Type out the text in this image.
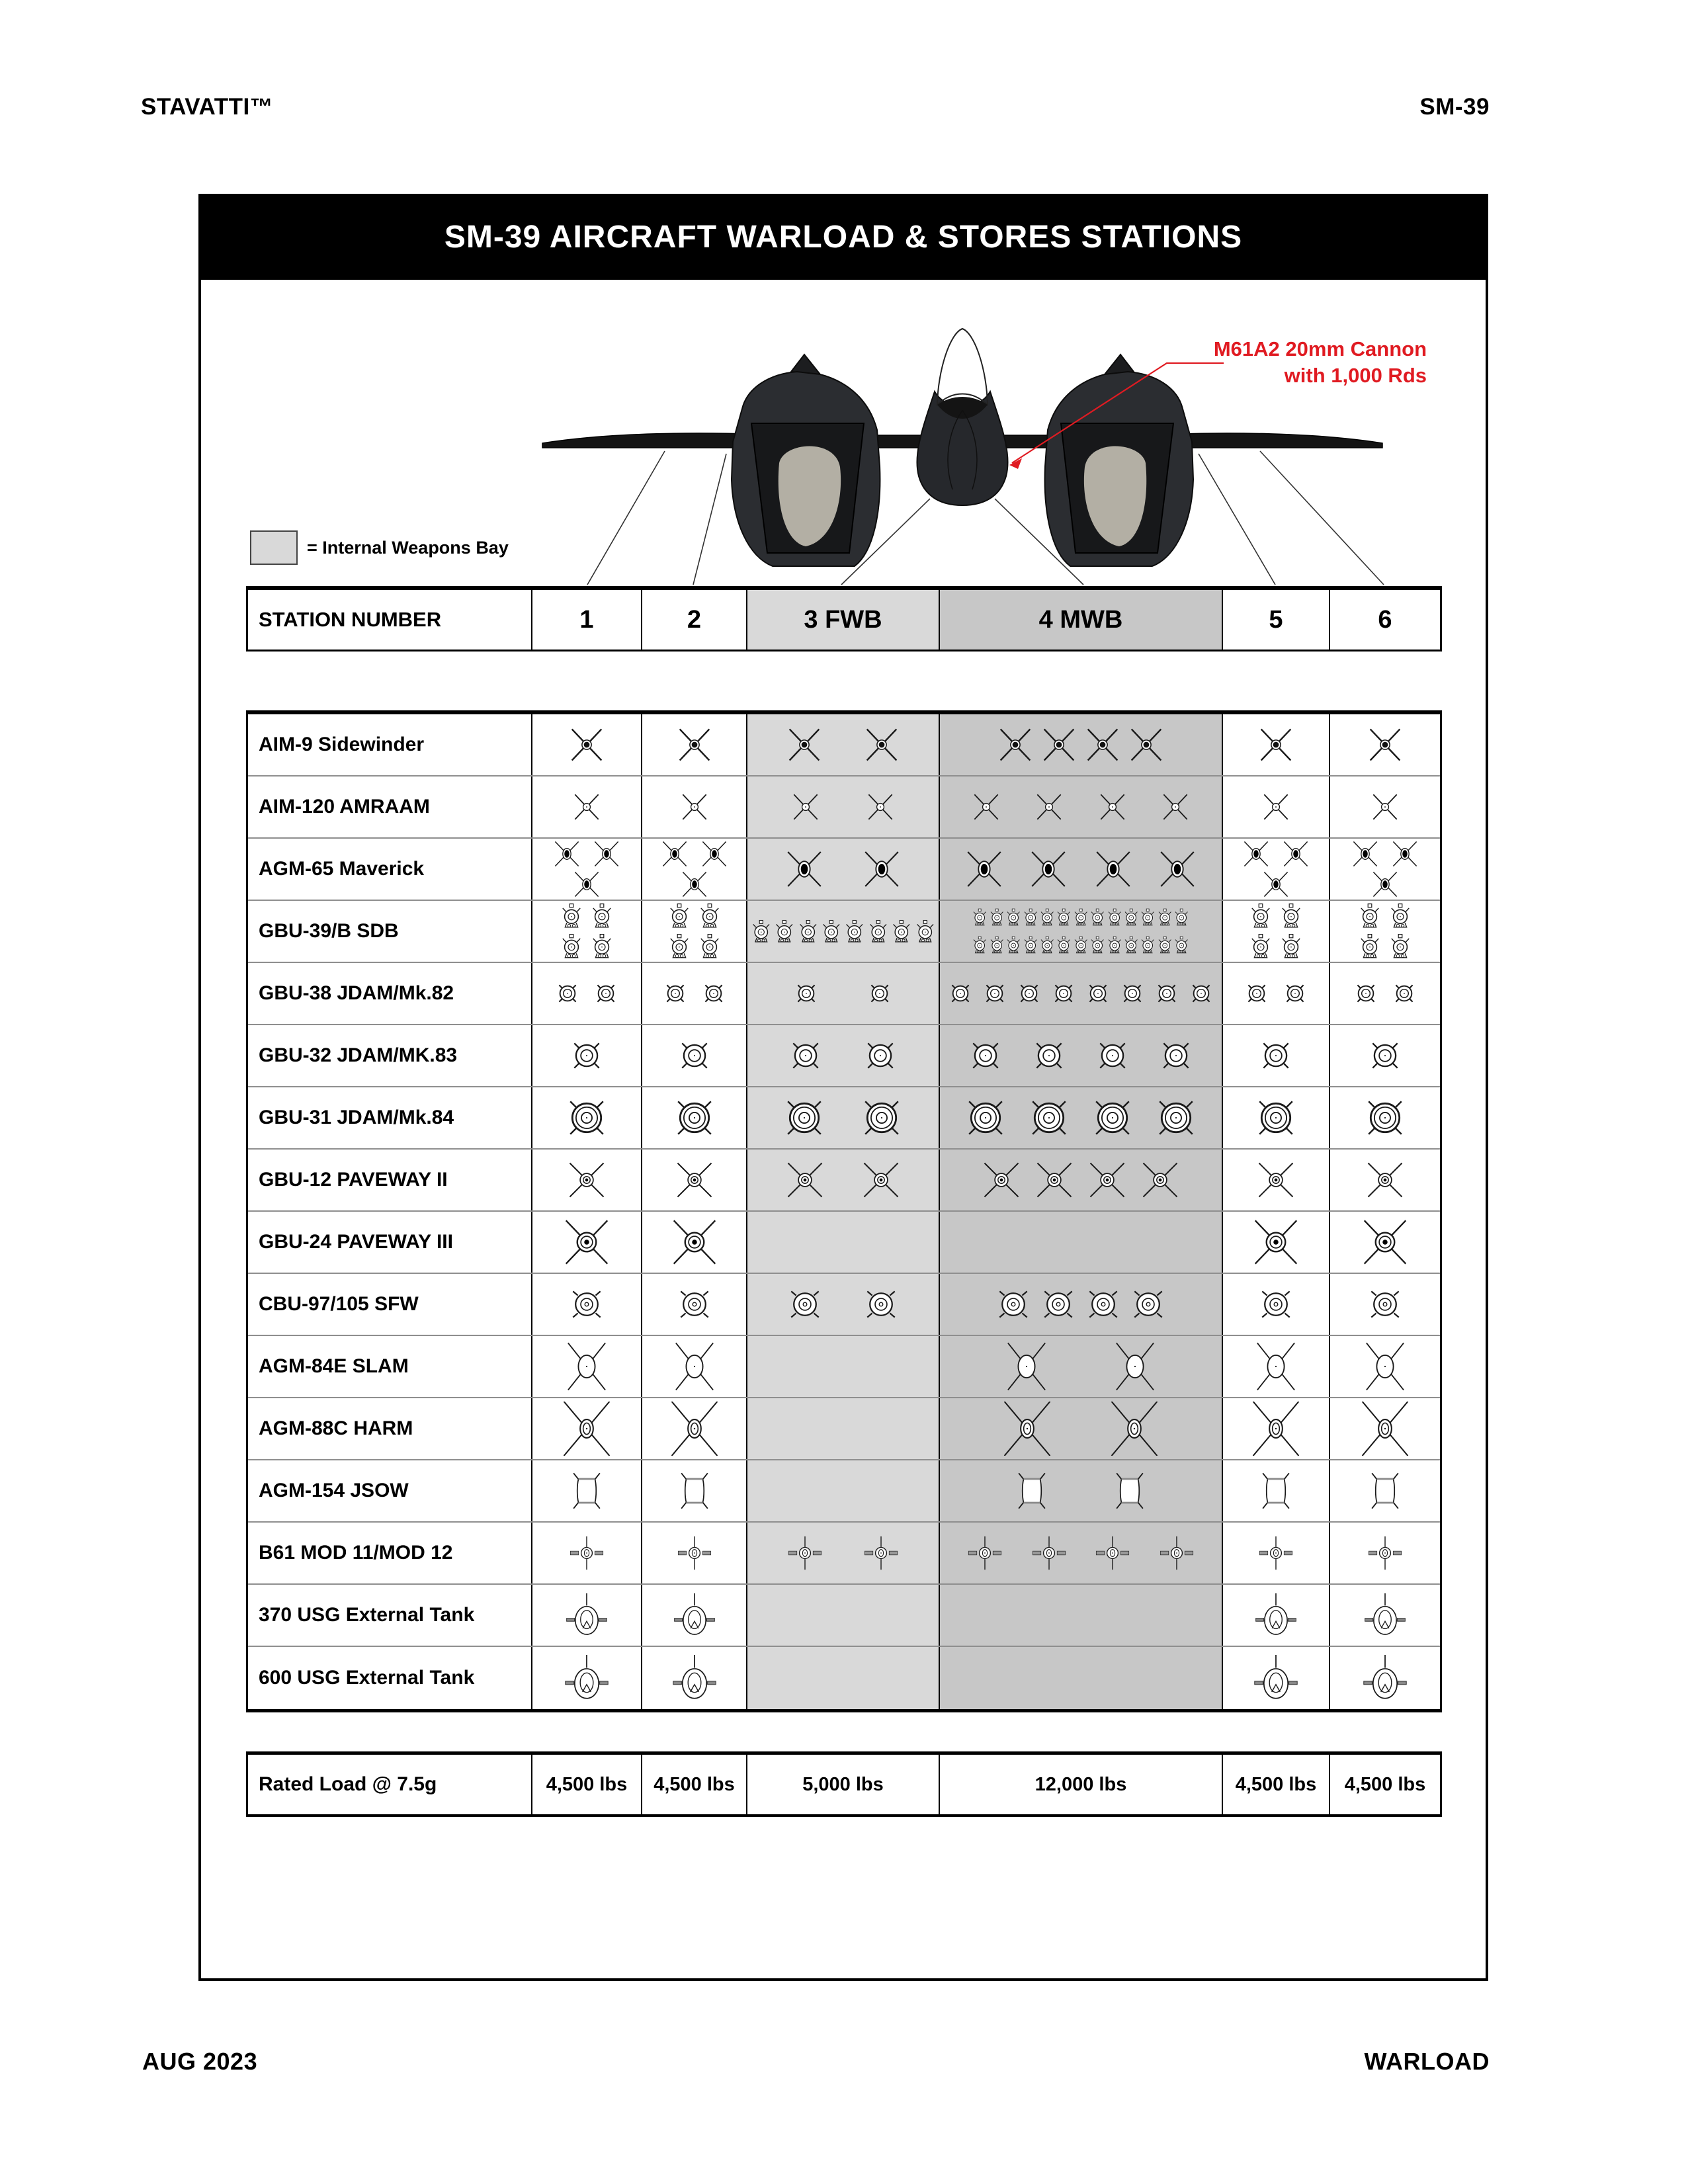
STAVATTI™	SM-39
SM-39 AIRCRAFT WARLOAD & STORES STATIONS
M61A2 20mm Cannon
with 1,000 Rds
= Internal Weapons Bay
STATION NUMBER	1	2	3 FWB	4 MWB	5	6
AIM-9 Sidewinder
AIM-120 AMRAAM
AGM-65 Maverick
GBU-39/B SDB
GBU-38 JDAM/Mk.82
GBU-32 JDAM/MK.83
GBU-31 JDAM/Mk.84
GBU-12 PAVEWAY II
GBU-24 PAVEWAY III
CBU-97/105 SFW
AGM-84E SLAM
AGM-88C HARM
AGM-154 JSOW
B61 MOD 11/MOD 12
370 USG External Tank
600 USG External Tank
Rated Load @ 7.5g	4,500 lbs	4,500 lbs	5,000 lbs	12,000 lbs	4,500 lbs	4,500 lbs
AUG 2023	WARLOAD
